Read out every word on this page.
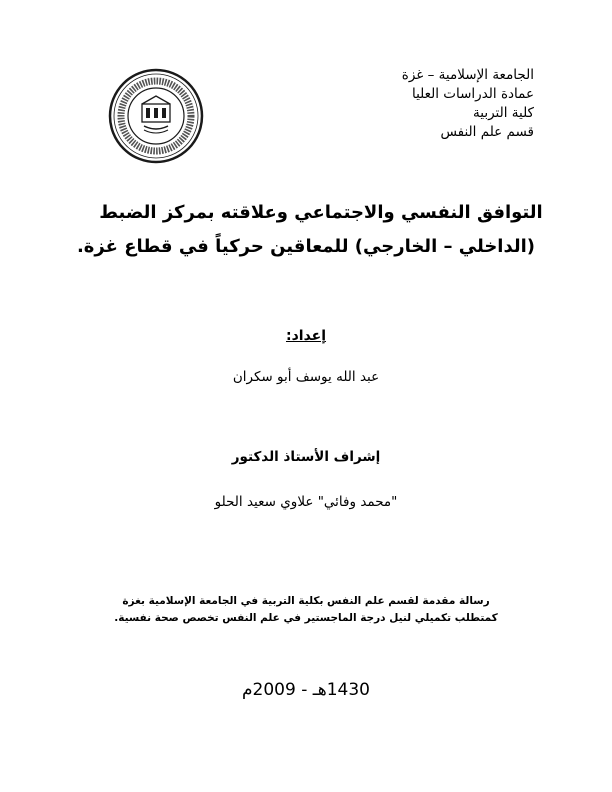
الجامعة الإسلامية – غزة
عمادة الدراسات العليا
كلية التربية
قسم علم النفس
التوافق النفسي والاجتماعي وعلاقته بمركز الضبط
(الداخلي – الخارجي) للمعاقين حركياً في قطاع غزة.
إعداد:
عبد الله يوسف أبو سكران
إشراف الأستاذ الدكتور
"محمد وفائي" علاوي سعيد الحلو
رسالة مقدمة لقسم علم النفس بكلية التربية في الجامعة الإسلامية بغزة
كمتطلب تكميلي لنيل درجة الماجستير في علم النفس تخصص صحة نفسية.
1430هـ - 2009م
